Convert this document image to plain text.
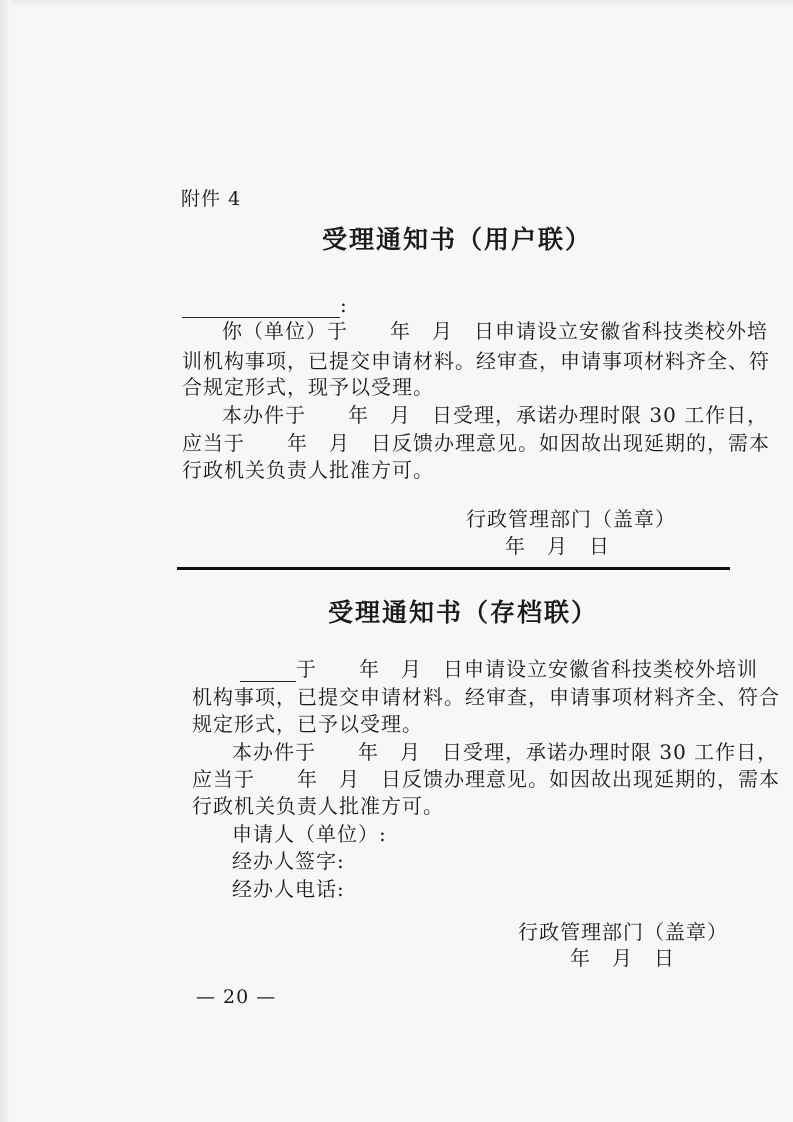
附件 4
受理通知书（用户联）
:
你（单位）于　　年　月　日申请设立安徽省科技类校外培
训机构事项，已提交申请材料。经审查，申请事项材料齐全、符
合规定形式，现予以受理。
本办件于　　年　月　日受理，承诺办理时限 30 工作日，
应当于　　年　月　日反馈办理意见。如因故出现延期的，需本
行政机关负责人批准方可。
行政管理部门（盖章）
年　月　日
受理通知书（存档联）
于　　年　月　日申请设立安徽省科技类校外培训
机构事项，已提交申请材料。经审查，申请事项材料齐全、符合
规定形式，已予以受理。
本办件于　　年　月　日受理，承诺办理时限 30 工作日，
应当于　　年　月　日反馈办理意见。如因故出现延期的，需本
行政机关负责人批准方可。
申请人（单位）:
经办人签字:
经办人电话:
行政管理部门（盖章）
年　月　日
— 20 —
